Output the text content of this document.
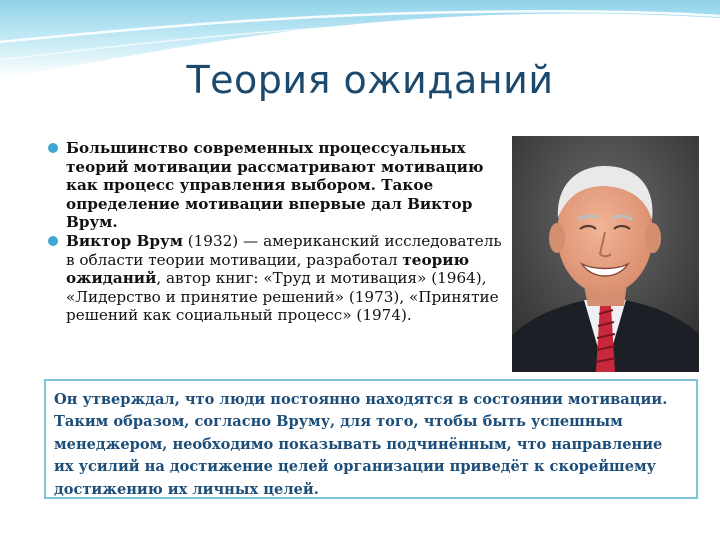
Теория ожиданий
Большинство современных процессуальных теорий мотивации рассматривают мотивацию как процесс управления выбором. Такое определение мотивации впервые дал Виктор Врум.
Виктор Врум (1932) — американский исследователь в области теории мотивации, разработал теорию ожиданий, автор книг: «Труд и мотивация» (1964), «Лидерство и принятие решений» (1973), «Принятие решений как социальный процесс» (1974).
Он утверждал, что люди постоянно находятся в состоянии мотивации. Таким образом, согласно Вруму, для того, чтобы быть успешным менеджером, необходимо показывать подчинённым, что направление их усилий на достижение целей организации приведёт к скорейшему достижению их личных целей.
